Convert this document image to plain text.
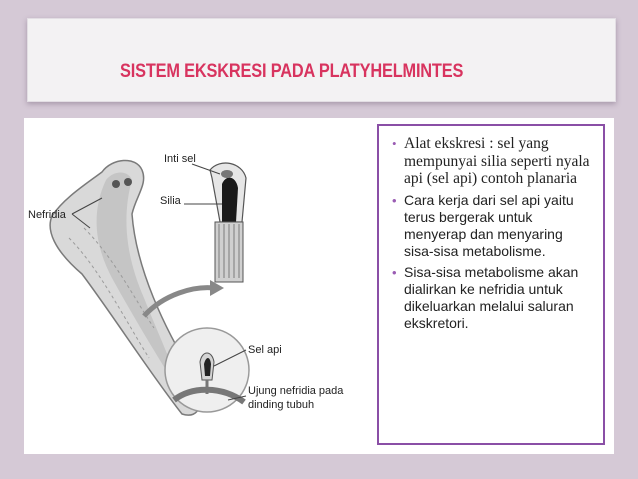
SISTEM EKSKRESI PADA PLATYHELMINTES
Inti sel
Silia
Nefridia
Sel api
Ujung nefridia pada
dinding tubuh
• Alat ekskresi : sel yang mempunyai silia seperti nyala api (sel api) contoh planaria
• Cara kerja dari sel api yaitu terus bergerak untuk menyerap dan menyaring sisa-sisa metabolisme.
• Sisa-sisa metabolisme akan dialirkan ke nefridia untuk dikeluarkan melalui saluran ekskretori.
